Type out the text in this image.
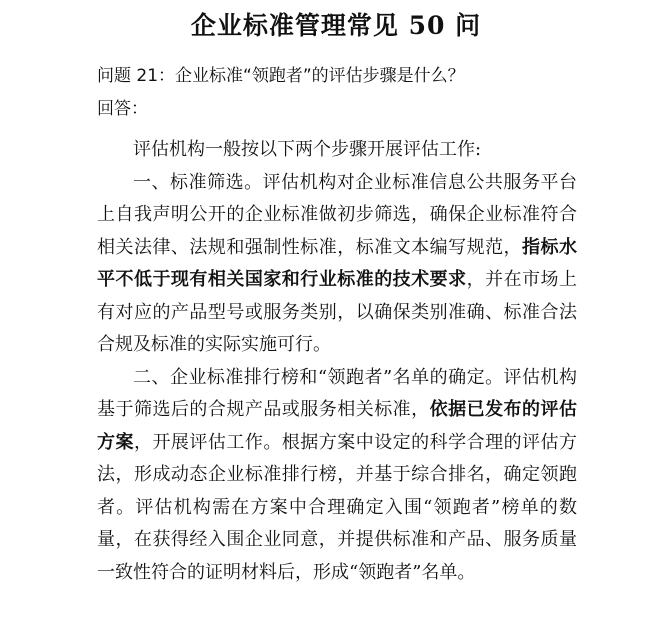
企业标准管理常见 50 问
问题 21：企业标准“领跑者”的评估步骤是什么？
回答：

评估机构一般按以下两个步骤开展评估工作:

一、标准筛选。评估机构对企业标准信息公共服务平台上自我声明公开的企业标准做初步筛选，确保企业标准符合相关法律、法规和强制性标准，标准文本编写规范，指标水平不低于现有相关国家和行业标准的技术要求，并在市场上有对应的产品型号或服务类别，以确保类别准确、标准合法合规及标准的实际实施可行。

二、企业标准排行榜和“领跑者”名单的确定。评估机构基于筛选后的合规产品或服务相关标准，依据已发布的评估方案，开展评估工作。根据方案中设定的科学合理的评估方法，形成动态企业标准排行榜，并基于综合排名，确定领跑者。评估机构需在方案中合理确定入围“领跑者”榜单的数量，在获得经入围企业同意，并提供标准和产品、服务质量一致性符合的证明材料后，形成“领跑者”名单。
